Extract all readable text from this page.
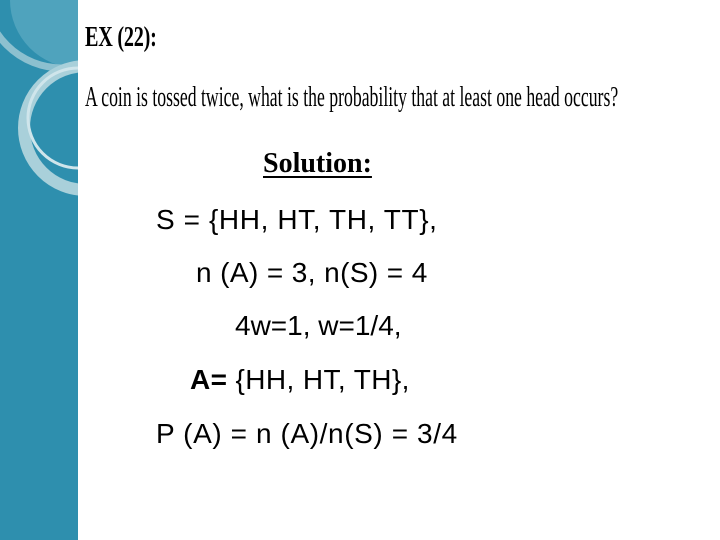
EX (22):

A coin is tossed twice, what is the probability that at least one head occurs?

Solution:

S = {HH, HT, TH, TT},

n (A) = 3, n(S) = 4

4w=1, w=1/4,

A= {HH, HT, TH},

P (A) = n (A)/n(S) = 3/4
